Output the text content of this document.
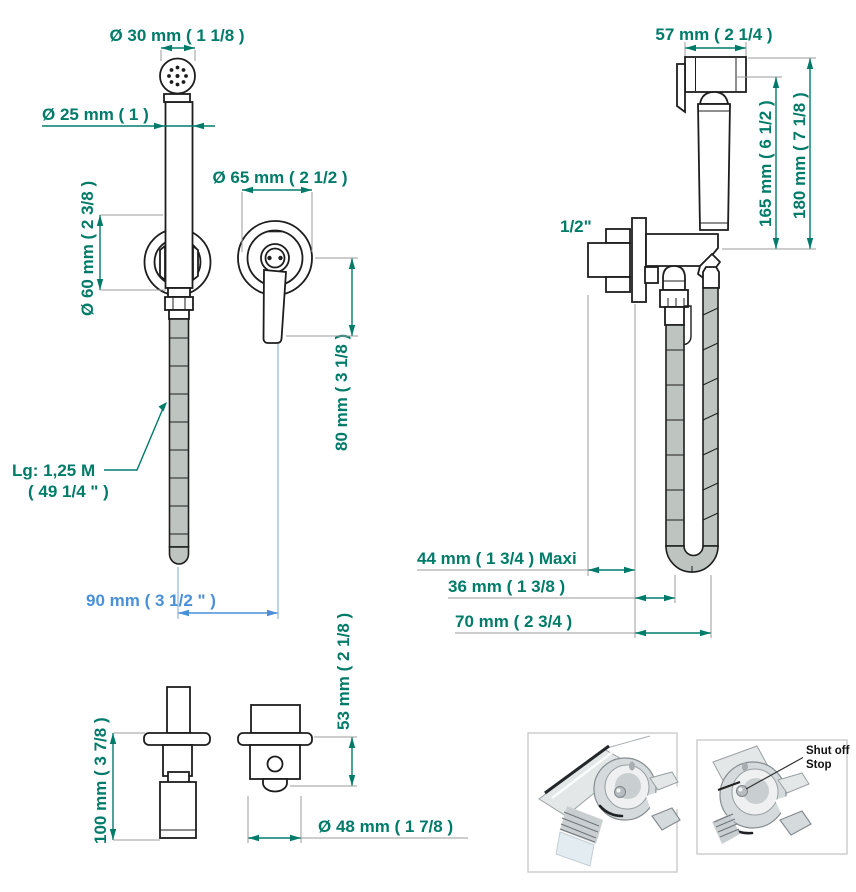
Ø 30 mm ( 1 1/8 )
Ø 25 mm ( 1 )
Ø 60 mm ( 2 3/8 )
Lg: 1,25 M
( 49 1/4 " )
Ø 65 mm ( 2 1/2 )
80 mm ( 3 1/8 )
90 mm ( 3 1/2 " )
57 mm ( 2 1/4 )
1/2"	165 mm ( 6 1/2 ) 180 mm ( 7 1/8 )
44 mm ( 1 3/4 ) Maxi
36 mm ( 1 3/8 )
70 mm ( 2 3/4 )
100 mm ( 3 7/8 )
53 mm ( 2 1/8 )
Ø 48 mm ( 1 7/8 )
Shut off
Stop
